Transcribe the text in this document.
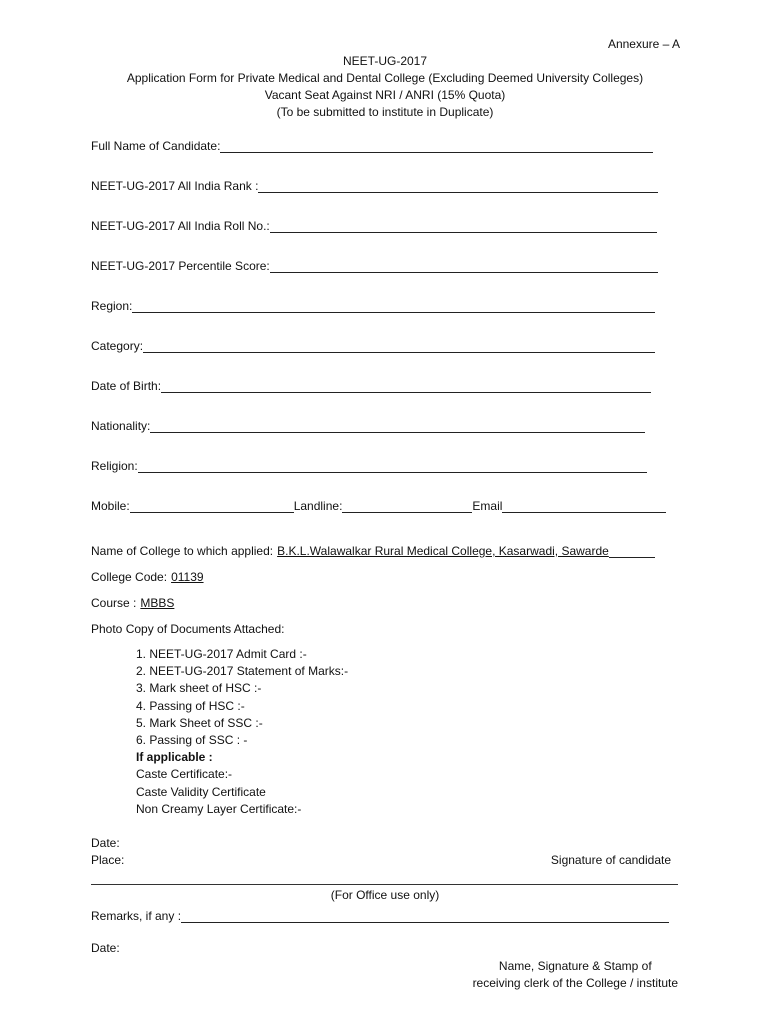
Annexure – A
NEET-UG-2017
Application Form for Private Medical and Dental College (Excluding Deemed University Colleges)
Vacant Seat Against NRI / ANRI (15% Quota)
(To be submitted to institute in Duplicate)
Full Name of Candidate:
NEET-UG-2017 All India Rank :
NEET-UG-2017 All India Roll No.:
NEET-UG-2017 Percentile Score:
Region:
Category:
Date of Birth:
Nationality:
Religion:
Mobile:	Landline:	Email
Name of College to which applied: B.K.L.Walawalkar Rural Medical College, Kasarwadi, Sawarde
College Code: 01139
Course : MBBS
Photo Copy of Documents Attached:
1. NEET-UG-2017 Admit Card :-
2. NEET-UG-2017 Statement of Marks:-
3. Mark sheet of HSC :-
4. Passing of HSC :-
5. Mark Sheet of SSC :-
6. Passing of SSC : -
If applicable :
Caste Certificate:-
Caste Validity Certificate
Non Creamy Layer Certificate:-
Date:
Place:	Signature of candidate
(For Office use only)
Remarks, if any :
Date:
Name, Signature & Stamp of
receiving clerk of the College / institute
